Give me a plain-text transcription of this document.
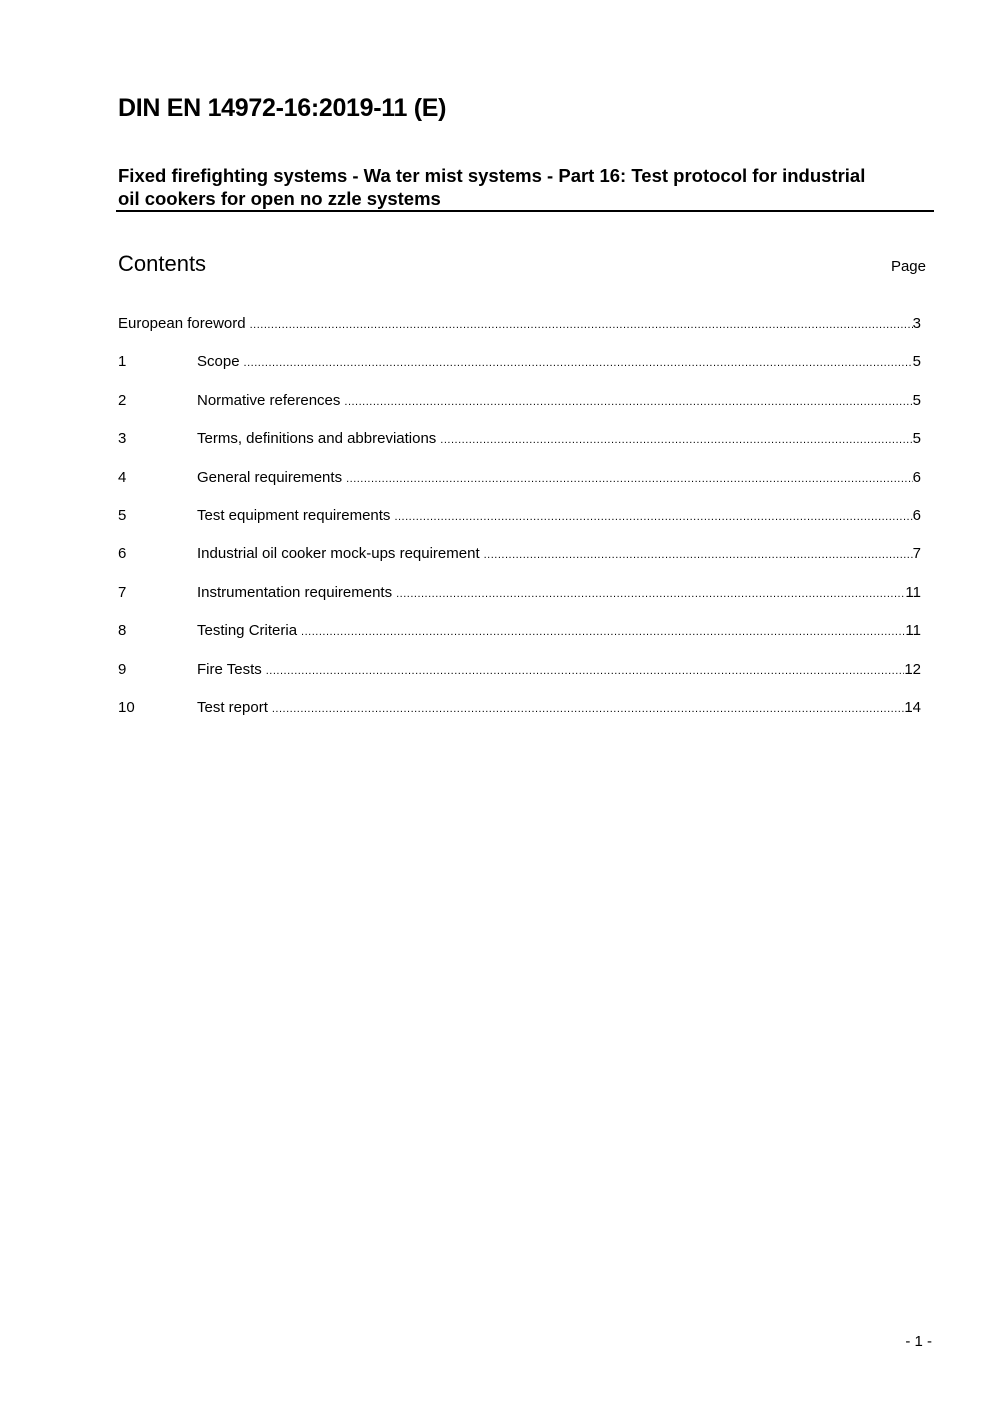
DIN EN 14972-16:2019-11 (E)
Fixed firefighting systems - Wa ter mist systems - Part 16: Test protocol for industrial
oil cookers for open no zzle systems
Contents	Page
European foreword .....	3
1	Scope .....	5
2	Normative references .....	5
3	Terms, definitions and abbreviations .....	5
4	General requirements .....	6
5	Test equipment requirements .....	6
6	Industrial oil cooker mock-ups requirement .....	7
7	Instrumentation requirements .....	11
8	Testing Criteria .....	11
9	Fire Tests .....	12
10	Test report .....	14
- 1 -
